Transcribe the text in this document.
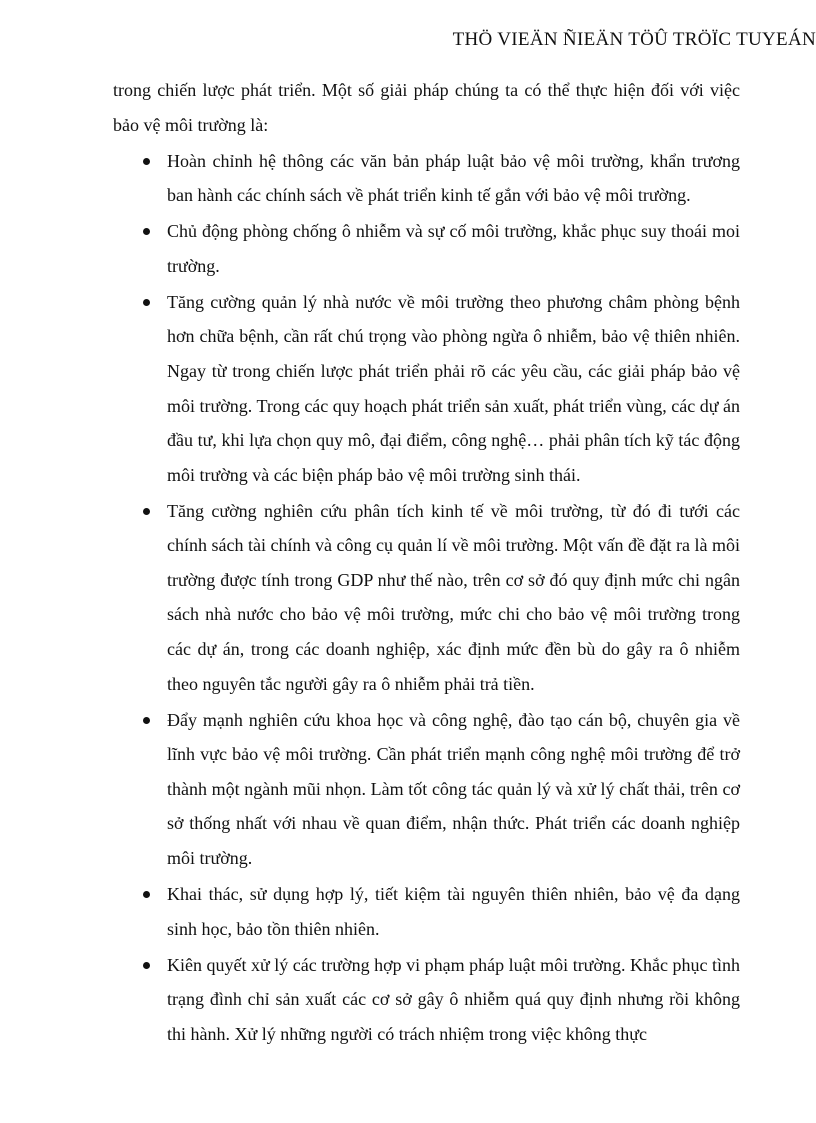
THÖ VIEÄN ÑIEÄN TÖÛ TRÖÏC TUYEÁN

trong chiến lược phát triển. Một số giải pháp chúng ta có thể thực hiện đối với việc bảo vệ môi trường là:

Hoàn chỉnh hệ thông các văn bản pháp luật bảo vệ môi trường, khẩn trương ban hành các chính sách về phát triển kinh tế gắn với bảo vệ môi trường.
Chủ động phòng chống ô nhiễm và sự cố môi trường, khắc phục suy thoái moi trường.
Tăng cường quản lý nhà nước về môi trường theo phương châm phòng bệnh hơn chữa bệnh, cần rất chú trọng vào phòng ngừa ô nhiễm, bảo vệ thiên nhiên. Ngay từ trong chiến lược phát triển phải rõ các yêu cầu, các giải pháp bảo vệ môi trường. Trong các quy hoạch phát triển sản xuất, phát triển vùng, các dự án đầu tư, khi lựa chọn quy mô, đại điểm, công nghệ… phải phân tích kỹ tác động môi trường và các biện pháp bảo vệ môi trường sinh thái.
Tăng cường nghiên cứu phân tích kinh tế về môi trường, từ đó đi tưới các chính sách tài chính và công cụ quản lí về môi trường. Một vấn đề đặt ra là môi trường được tính trong GDP như thế nào, trên cơ sở đó quy định mức chi ngân sách nhà nước cho bảo vệ môi trường, mức chi cho bảo vệ môi trường trong các dự án, trong các doanh nghiệp, xác định mức đền bù do gây ra ô nhiễm theo nguyên tắc người gây ra ô nhiễm phải trả tiền.
Đẩy mạnh nghiên cứu khoa học và công nghệ, đào tạo cán bộ, chuyên gia về lĩnh vực bảo vệ môi trường. Cần phát triển mạnh công nghệ môi trường để trở thành một ngành mũi nhọn. Làm tốt công tác quản lý và xử lý chất thải, trên cơ sở thống nhất với nhau về quan điểm, nhận thức. Phát triển các doanh nghiệp môi trường.
Khai thác, sử dụng hợp lý, tiết kiệm tài nguyên thiên nhiên, bảo vệ đa dạng sinh học, bảo tồn thiên nhiên.
Kiên quyết xử lý các trường hợp vi phạm pháp luật môi trường. Khắc phục tình trạng đình chỉ sản xuất các cơ sở gây ô nhiễm quá quy định nhưng rồi không thi hành. Xử lý những người có trách nhiệm trong việc không thực
